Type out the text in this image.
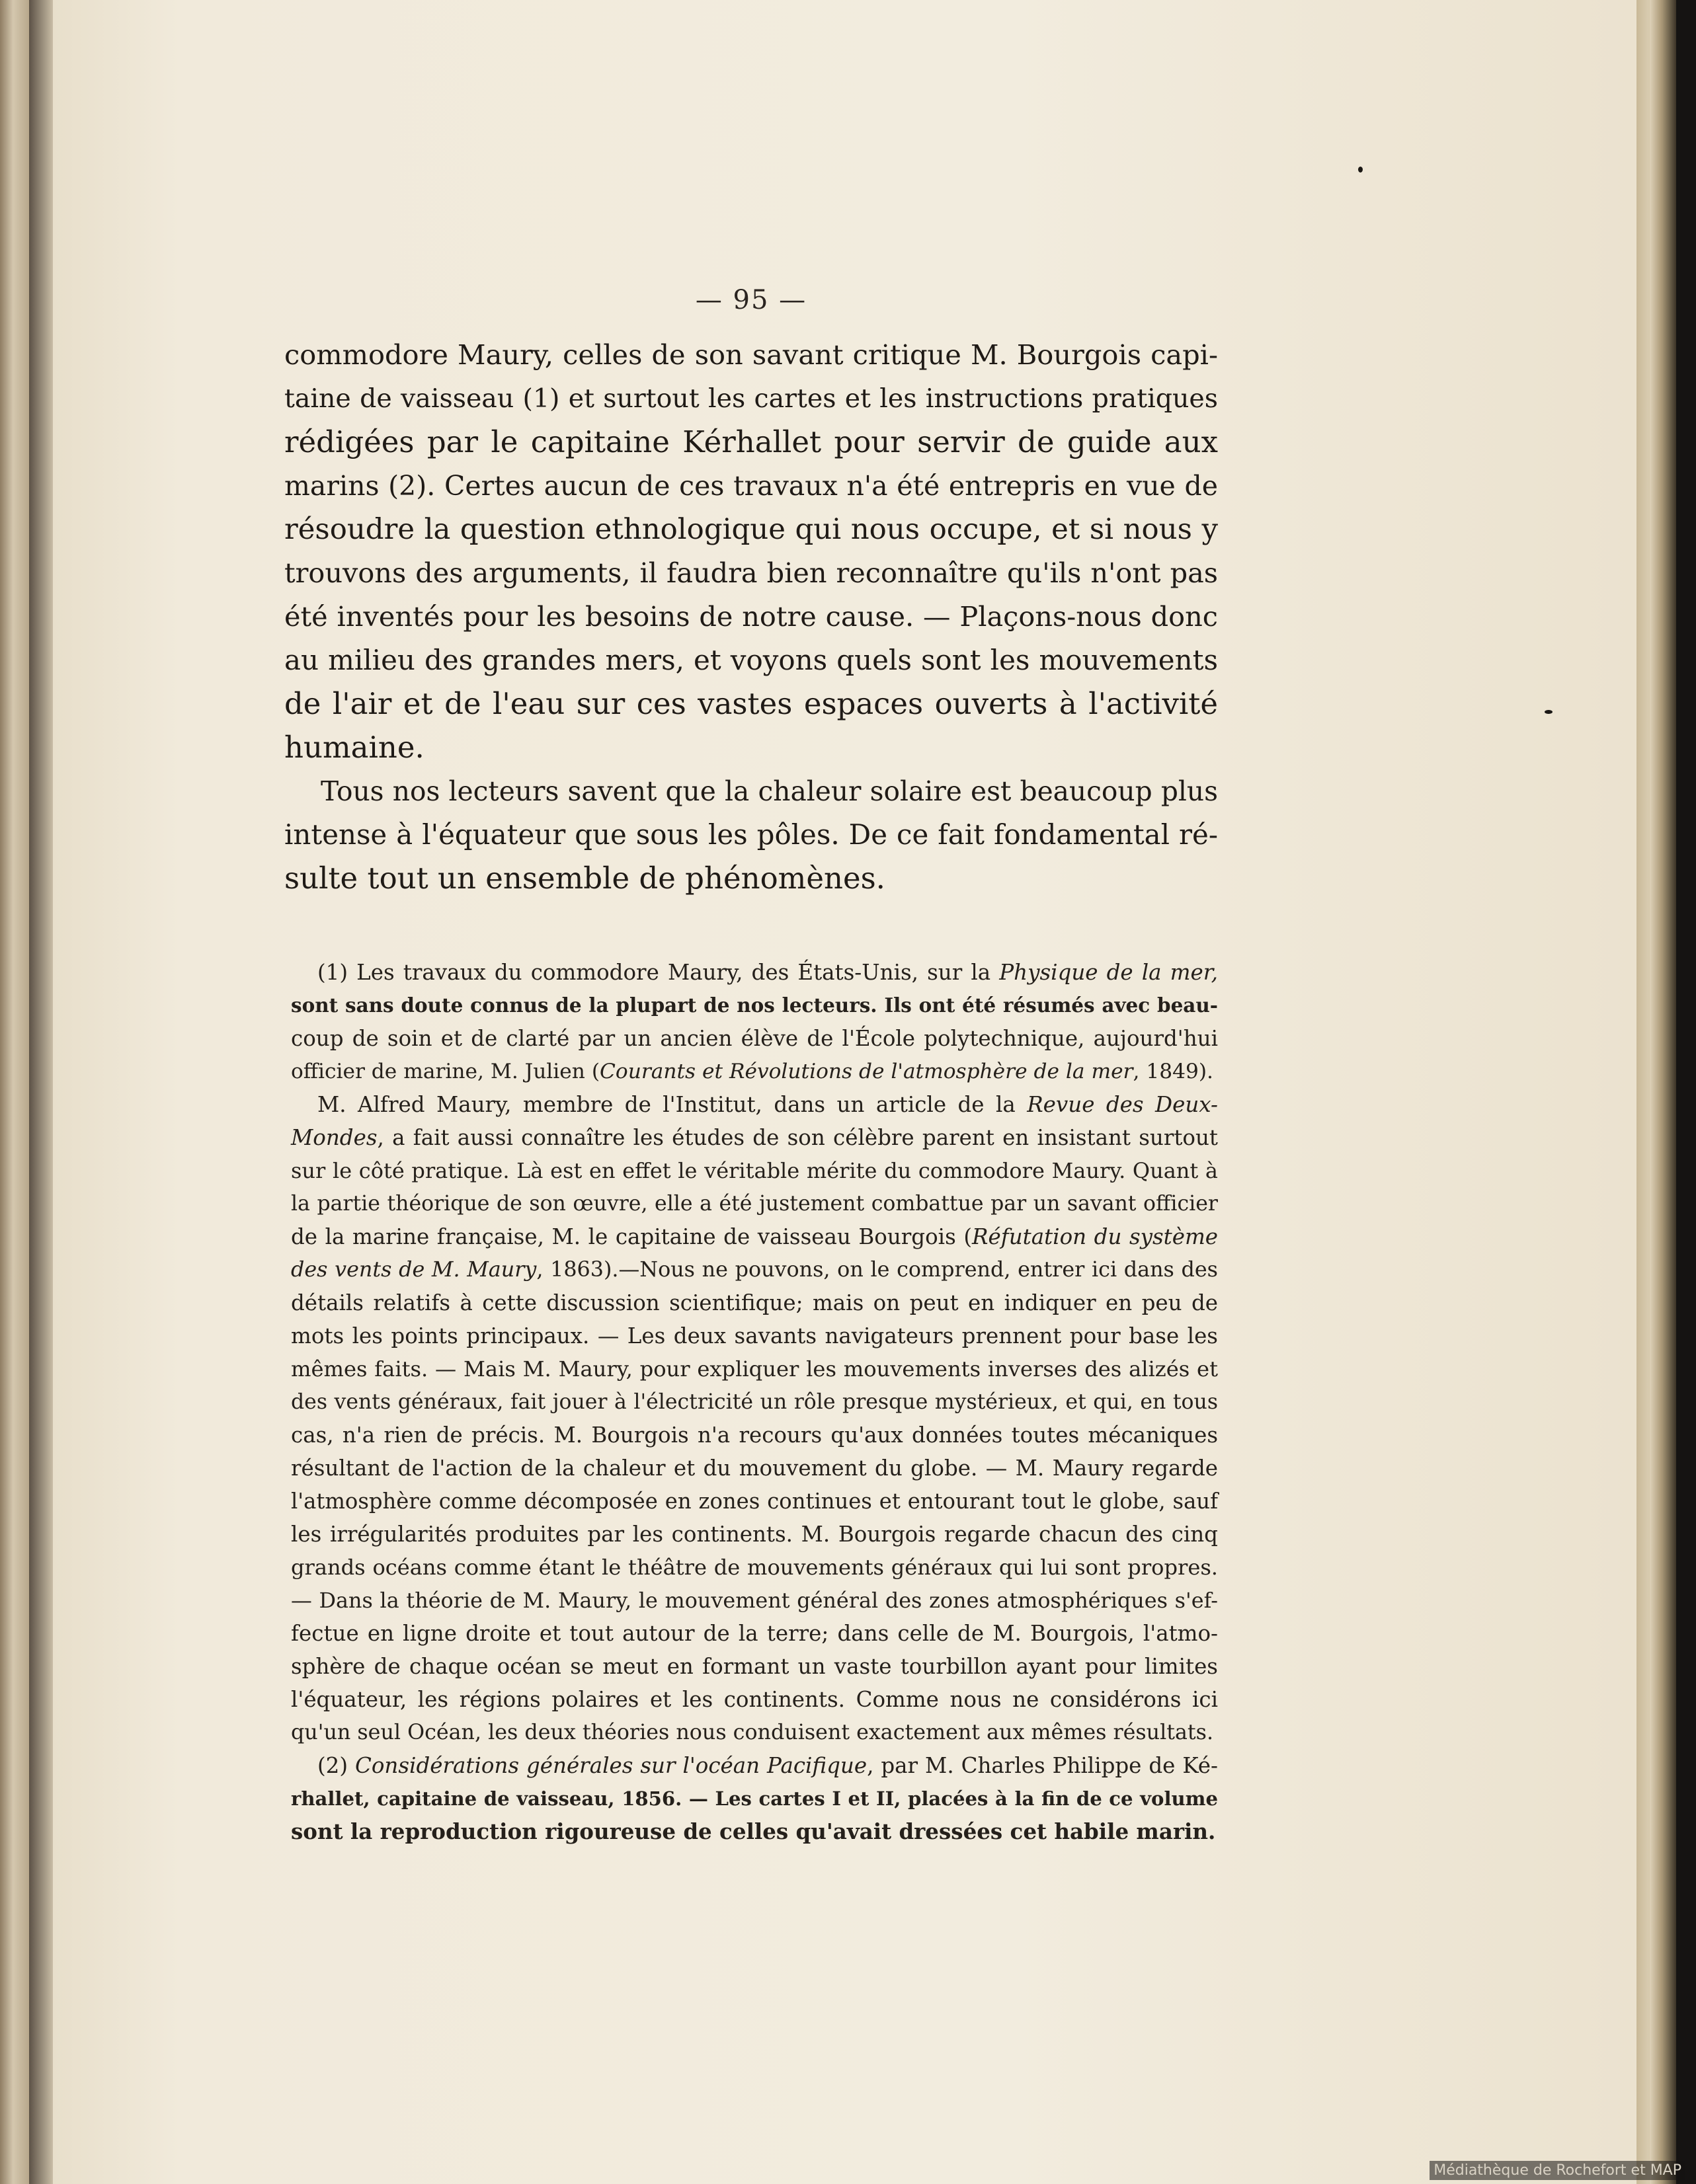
— 95 —
commodore Maury, celles de son savant critique M. Bourgois capi-
taine de vaisseau (1) et surtout les cartes et les instructions pratiques
rédigées par le capitaine Kérhallet pour servir de guide aux
marins (2). Certes aucun de ces travaux n'a été entrepris en vue de
résoudre la question ethnologique qui nous occupe, et si nous y
trouvons des arguments, il faudra bien reconnaître qu'ils n'ont pas
été inventés pour les besoins de notre cause. — Plaçons-nous donc
au milieu des grandes mers, et voyons quels sont les mouvements
de l'air et de l'eau sur ces vastes espaces ouverts à l'activité
humaine.
Tous nos lecteurs savent que la chaleur solaire est beaucoup plus
intense à l'équateur que sous les pôles. De ce fait fondamental ré-
sulte tout un ensemble de phénomènes.
(1) Les travaux du commodore Maury, des États-Unis, sur la Physique de la mer,
sont sans doute connus de la plupart de nos lecteurs. Ils ont été résumés avec beau-
coup de soin et de clarté par un ancien élève de l'École polytechnique, aujourd'hui
officier de marine, M. Julien (Courants et Révolutions de l'atmosphère de la mer, 1849).
M. Alfred Maury, membre de l'Institut, dans un article de la Revue des Deux-
Mondes, a fait aussi connaître les études de son célèbre parent en insistant surtout
sur le côté pratique. Là est en effet le véritable mérite du commodore Maury. Quant à
la partie théorique de son œuvre, elle a été justement combattue par un savant officier
de la marine française, M. le capitaine de vaisseau Bourgois (Réfutation du système
des vents de M. Maury, 1863).—Nous ne pouvons, on le comprend, entrer ici dans des
détails relatifs à cette discussion scientifique; mais on peut en indiquer en peu de
mots les points principaux. — Les deux savants navigateurs prennent pour base les
mêmes faits. — Mais M. Maury, pour expliquer les mouvements inverses des alizés et
des vents généraux, fait jouer à l'électricité un rôle presque mystérieux, et qui, en tous
cas, n'a rien de précis. M. Bourgois n'a recours qu'aux données toutes mécaniques
résultant de l'action de la chaleur et du mouvement du globe. — M. Maury regarde
l'atmosphère comme décomposée en zones continues et entourant tout le globe, sauf
les irrégularités produites par les continents. M. Bourgois regarde chacun des cinq
grands océans comme étant le théâtre de mouvements généraux qui lui sont propres.
— Dans la théorie de M. Maury, le mouvement général des zones atmosphériques s'ef-
fectue en ligne droite et tout autour de la terre; dans celle de M. Bourgois, l'atmo-
sphère de chaque océan se meut en formant un vaste tourbillon ayant pour limites
l'équateur, les régions polaires et les continents. Comme nous ne considérons ici
qu'un seul Océan, les deux théories nous conduisent exactement aux mêmes résultats.
(2) Considérations générales sur l'océan Pacifique, par M. Charles Philippe de Ké-
rhallet, capitaine de vaisseau, 1856. — Les cartes I et II, placées à la fin de ce volume
sont la reproduction rigoureuse de celles qu'avait dressées cet habile marin.
Médiathèque de Rochefort et MAP
